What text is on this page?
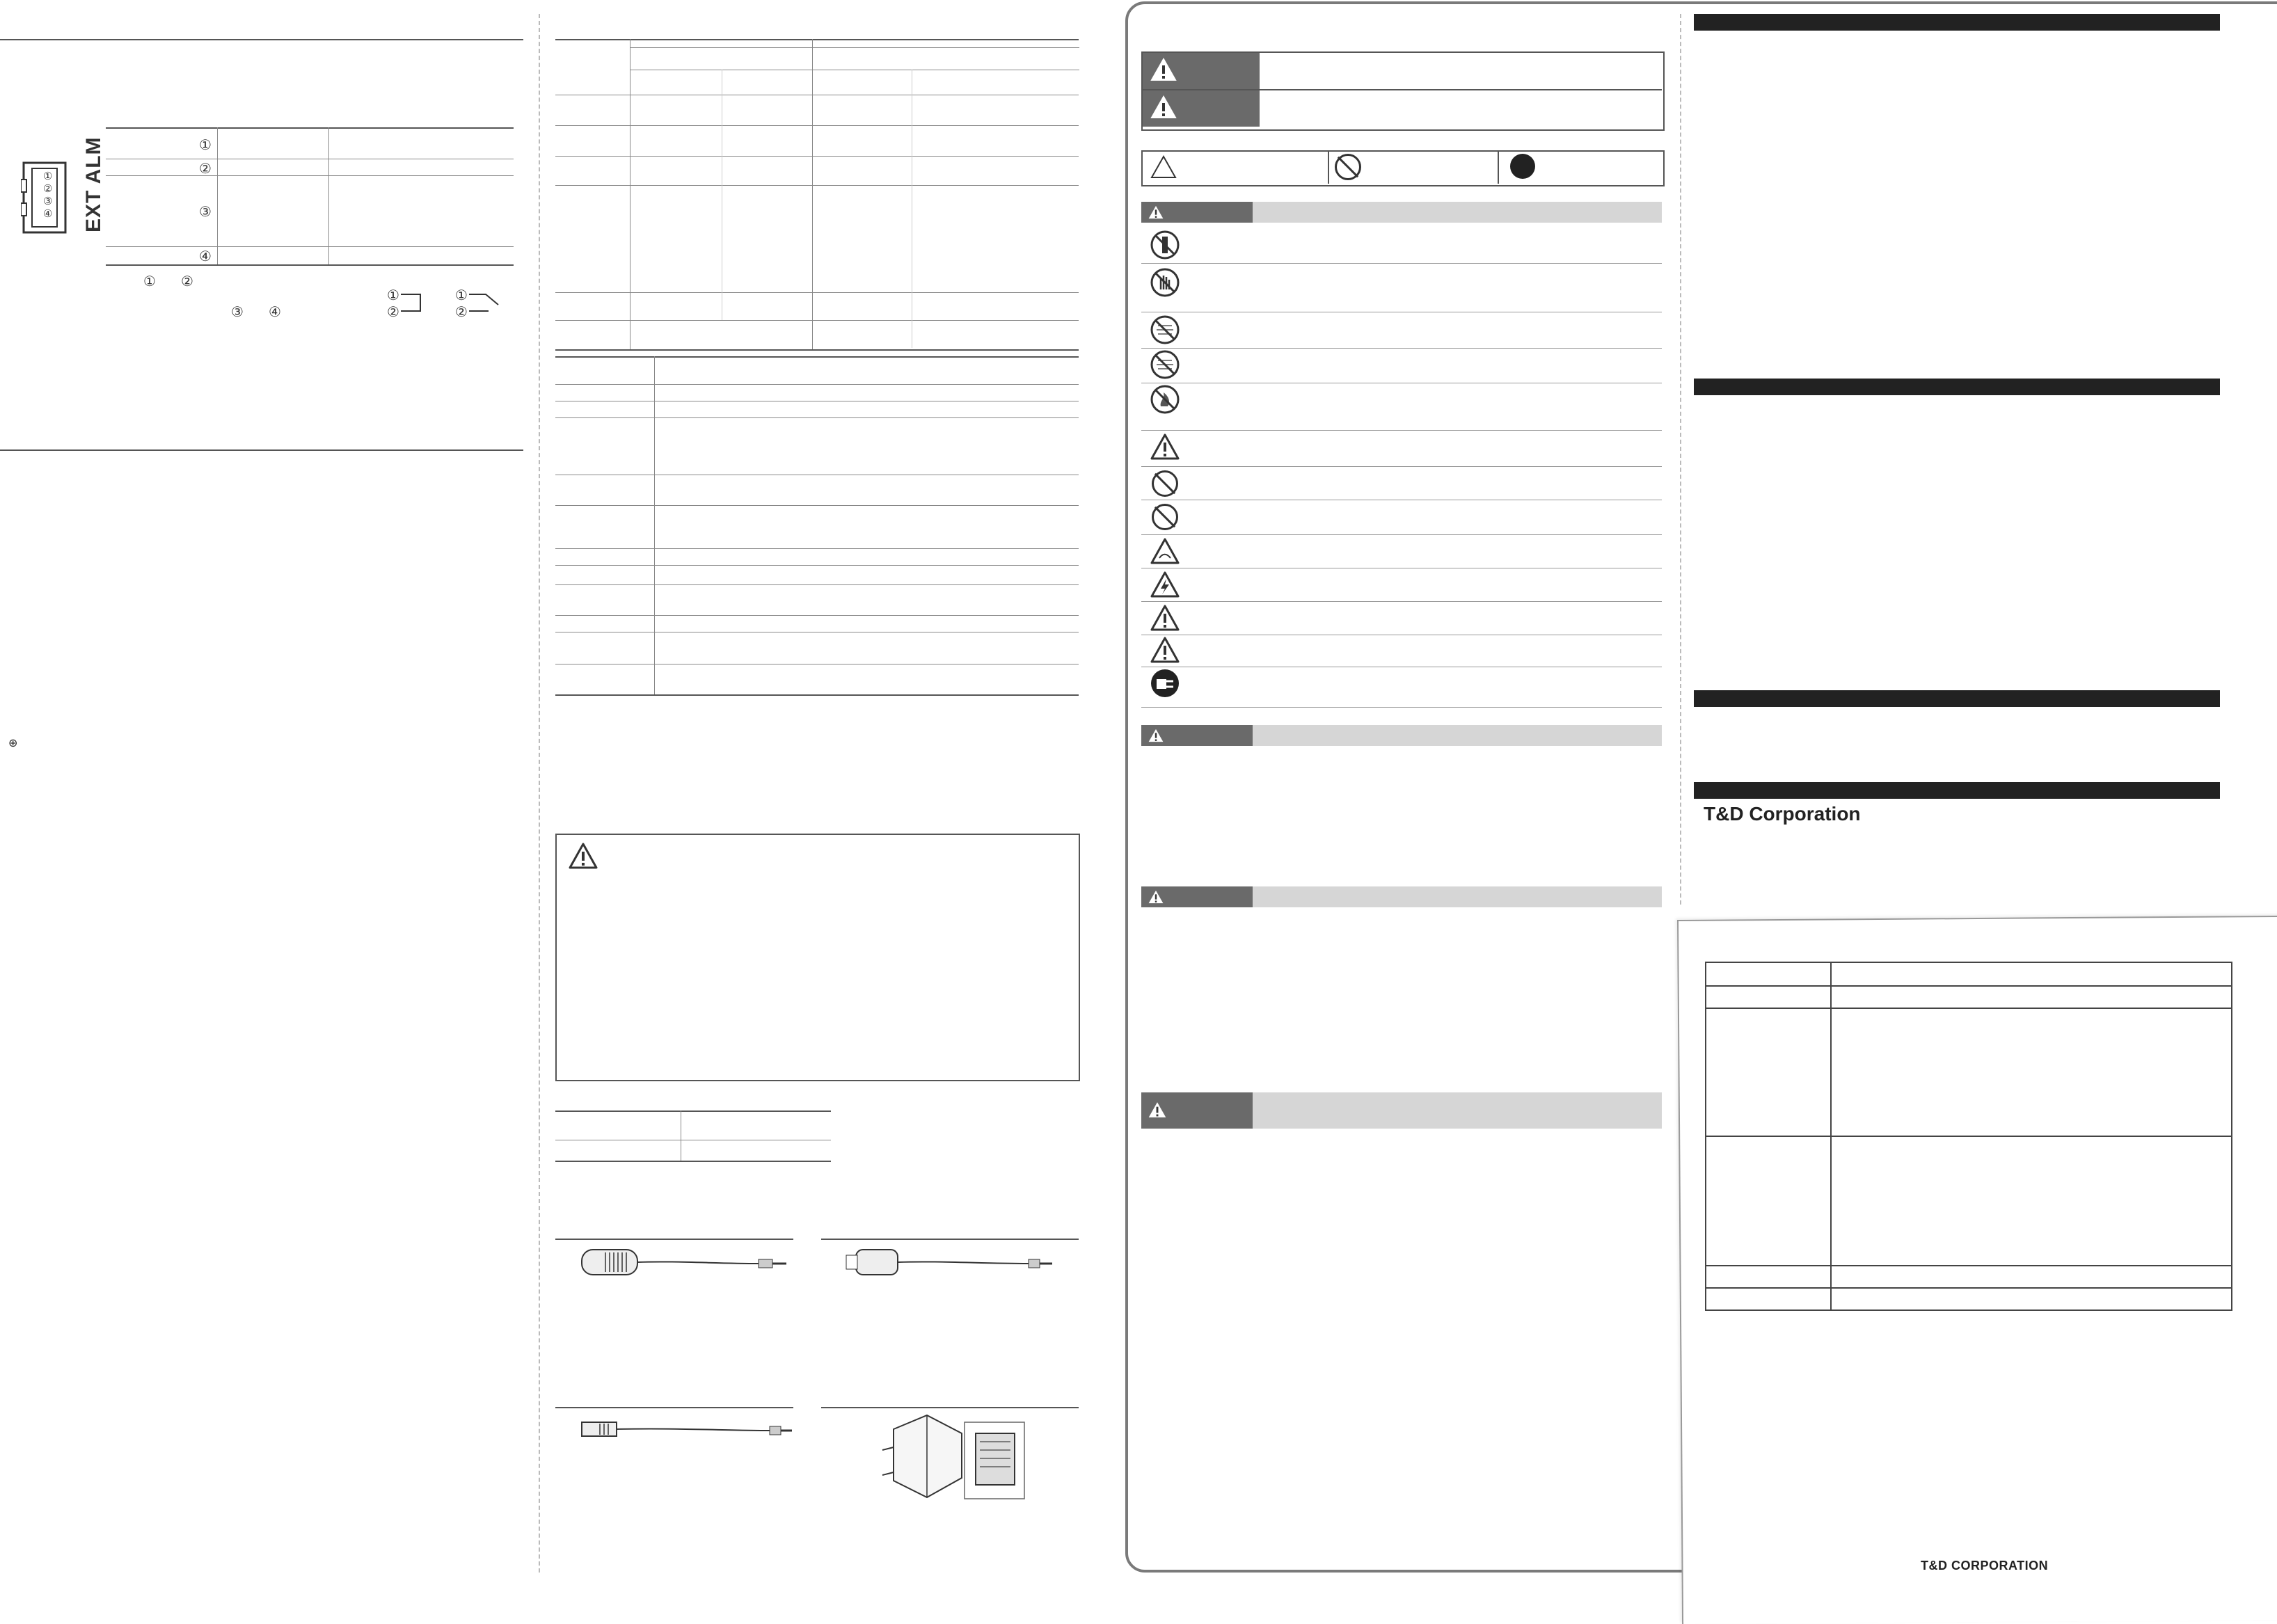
①
②
③
④ EXT ALM	①
②
③
④
① ②
③ ④
①
②
①
②
⊕
T&D Corporation
T&D CORPORATION
